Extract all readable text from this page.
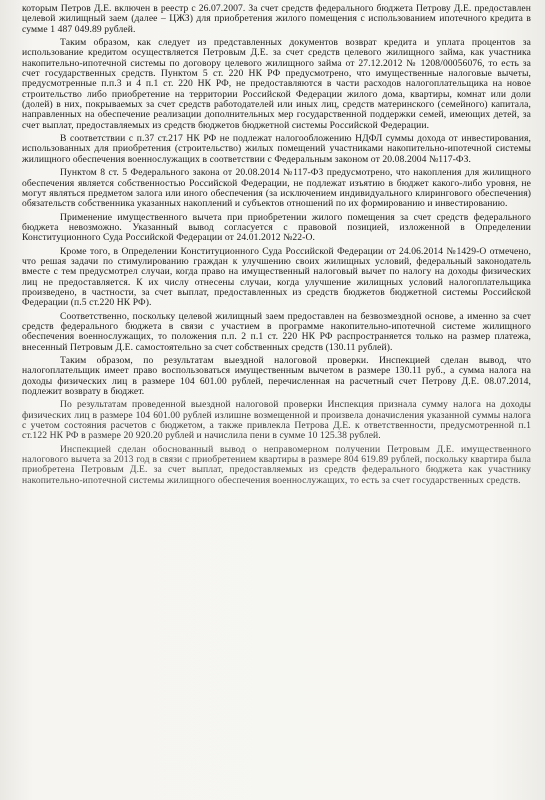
которым Петров Д.Е. включен в реестр с 26.07.2007. За счет средств федерального бюджета Петрову Д.Е. предоставлен целевой жилищный заем (далее – ЦЖЗ) для приобретения жилого помещения с использованием ипотечного кредита в сумме 1 487 049.89 рублей.

Таким образом, как следует из представленных документов возврат кредита и уплата процентов за использование кредитом осуществляется Петровым Д.Е. за счет средств целевого жилищного займа, как участника накопительно-ипотечной системы по договору целевого жилищного займа от 27.12.2012 № 1208/00056076, то есть за счет государственных средств. Пунктом 5 ст. 220 НК РФ предусмотрено, что имущественные налоговые вычеты, предусмотренные п.п.3 и 4 п.1 ст. 220 НК РФ, не предоставляются в части расходов налогоплательщика на новое строительство либо приобретение на территории Российской Федерации жилого дома, квартиры, комнат или доли (долей) в них, покрываемых за счет средств работодателей или иных лиц, средств материнского (семейного) капитала, направленных на обеспечение реализации дополнительных мер государственной поддержки семей, имеющих детей, за счет выплат, предоставляемых из средств бюджетов бюджетной системы Российской Федерации.

В соответствии с п.37 ст.217 НК РФ не подлежат налогообложению НДФЛ суммы дохода от инвестирования, использованных для приобретения (строительство) жилых помещений участниками накопительно-ипотечной системы жилищного обеспечения военнослужащих в соответствии с Федеральным законом от 20.08.2004 №117-ФЗ.

Пунктом 8 ст. 5 Федерального закона от 20.08.2014 №117-ФЗ предусмотрено, что накопления для жилищного обеспечения является собственностью Российской Федерации, не подлежат изъятию в бюджет какого-либо уровня, не могут являться предметом залога или иного обеспечения (за исключением индивидуального клирингового обеспечения) обязательств собственника указанных накоплений и субъектов отношений по их формированию и инвестированию.

Применение имущественного вычета при приобретении жилого помещения за счет средств федерального бюджета невозможно. Указанный вывод согласуется с правовой позицией, изложенной в Определении Конституционного Суда Российской Федерации от 24.01.2012 №22-О.

Кроме того, в Определении Конституционного Суда Российской Федерации от 24.06.2014 №1429-О отмечено, что решая задачи по стимулированию граждан к улучшению своих жилищных условий, федеральный законодатель вместе с тем предусмотрел случаи, когда право на имущественный налоговый вычет по налогу на доходы физических лиц не предоставляется. К их числу отнесены случаи, когда улучшение жилищных условий налогоплательщика произведено, в частности, за счет выплат, предоставленных из средств бюджетов бюджетной системы Российской Федерации (п.5 ст.220 НК РФ).

Соответственно, поскольку целевой жилищный заем предоставлен на безвозмездной основе, а именно за счет средств федерального бюджета в связи с участием в программе накопительно-ипотечной системе жилищного обеспечения военнослужащих, то положения п.п. 2 п.1 ст. 220 НК РФ распространяется только на размер платежа, внесенный Петровым Д.Е. самостоятельно за счет собственных средств (130.11 рублей).

Таким образом, по результатам выездной налоговой проверки. Инспекцией сделан вывод, что налогоплательщик имеет право воспользоваться имущественным вычетом в размере 130.11 руб., а сумма налога на доходы физических лиц в размере 104 601.00 рублей, перечисленная на расчетный счет Петрову Д.Е. 08.07.2014, подлежит возврату в бюджет.

По результатам проведенной выездной налоговой проверки Инспекция признала сумму налога на доходы физических лиц в размере 104 601.00 рублей излишне возмещенной и произвела доначисления указанной суммы налога с учетом состояния расчетов с бюджетом, а также привлекла Петрова Д.Е. к ответственности, предусмотренной п.1 ст.122 НК РФ в размере 20 920.20 рублей и начислила пени в сумме 10 125.38 рублей.

Инспекцией сделан обоснованный вывод о неправомерном получении Петровым Д.Е. имущественного налогового вычета за 2013 год в связи с приобретением квартиры в размере 804 619.89 рублей, поскольку квартира была приобретена Петровым Д.Е. за счет выплат, предоставляемых из средств федерального бюджета как участнику накопительно-ипотечной системы жилищного обеспечения военнослужащих, то есть за счет государственных средств.
